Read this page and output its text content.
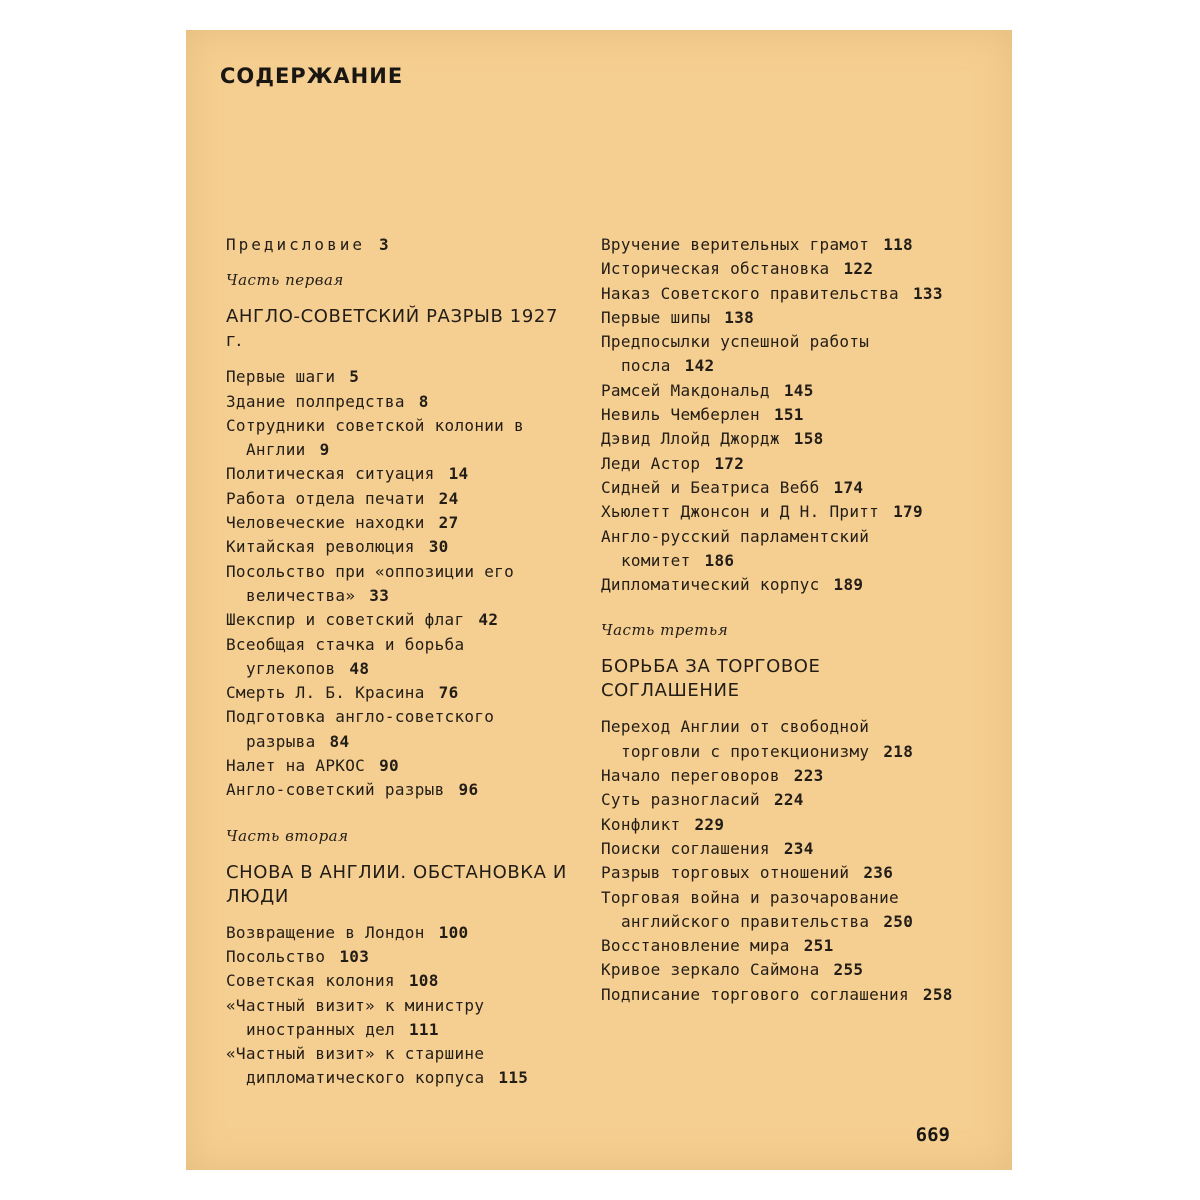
СОДЕРЖАНИЕ
Предисловие 3
Часть первая
АНГЛО-СОВЕТСКИЙ РАЗРЫВ 1927 г.
Первые шаги 5
Здание полпредства 8
Сотрудники советской колонии в Англии 9
Политическая ситуация 14
Работа отдела печати 24
Человеческие находки 27
Китайская революция 30
Посольство при «оппозиции его величества» 33
Шекспир и советский флаг 42
Всеобщая стачка и борьба углекопов 48
Смерть Л. Б. Красина 76
Подготовка англо-советского разрыва 84
Налет на АРКОС 90
Англо-советский разрыв 96
Часть вторая
СНОВА В АНГЛИИ. ОБСТАНОВКА И ЛЮДИ
Возвращение в Лондон 100
Посольство 103
Советская колония 108
«Частный визит» к министру иностранных дел 111
«Частный визит» к старшине дипломатического корпуса 115
Вручение верительных грамот 118
Историческая обстановка 122
Наказ Советского правительства 133
Первые шипы 138
Предпосылки успешной работы посла 142
Рамсей Макдональд 145
Невиль Чемберлен 151
Дэвид Ллойд Джордж 158
Леди Астор 172
Сидней и Беатриса Вебб 174
Хьюлетт Джонсон и Д Н. Притт 179
Англо-русский парламентский комитет 186
Дипломатический корпус 189
Часть третья
БОРЬБА ЗА ТОРГОВОЕ СОГЛАШЕНИЕ
Переход Англии от свободной торговли с протекционизму 218
Начало переговоров 223
Суть разногласий 224
Конфликт 229
Поиски соглашения 234
Разрыв торговых отношений 236
Торговая война и разочарование английского правительства 250
Восстановление мира 251
Кривое зеркало Саймона 255
Подписание торгового соглашения 258
669
